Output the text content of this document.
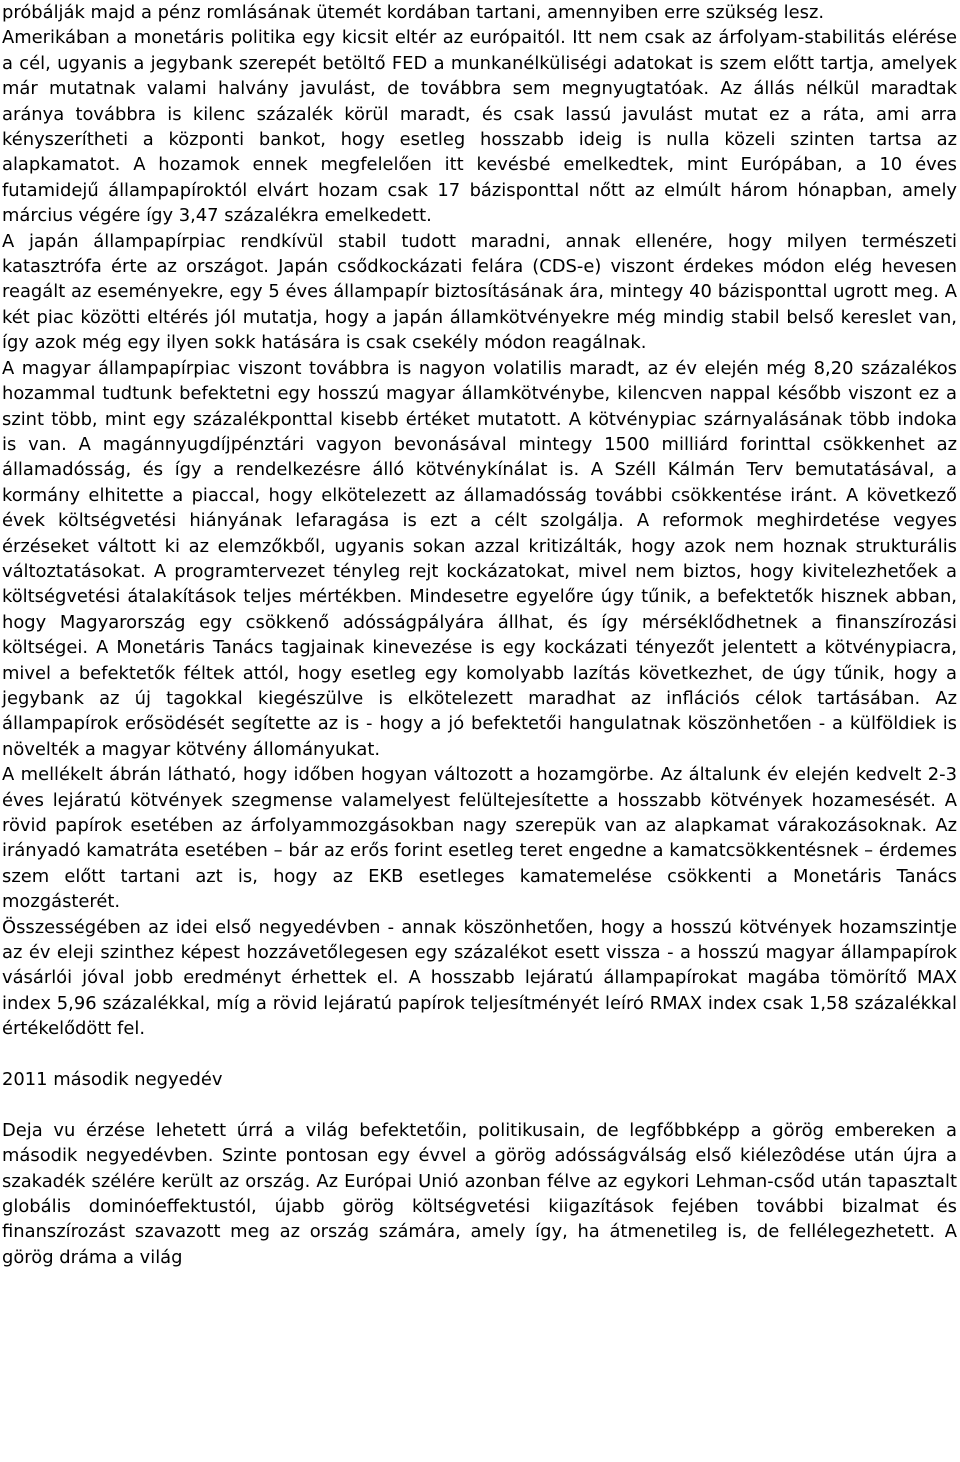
próbálják majd a pénz romlásának ütemét kordában tartani, amennyiben erre szükség lesz.

Amerikában a monetáris politika egy kicsit eltér az európaitól. Itt nem csak az árfolyam-stabilitás elérése a cél, ugyanis a jegybank szerepét betöltő FED a munkanélküliségi adatokat is szem előtt tartja, amelyek már mutatnak valami halvány javulást, de továbbra sem megnyugtatóak. Az állás nélkül maradtak aránya továbbra is kilenc százalék körül maradt, és csak lassú javulást mutat ez a ráta, ami arra kényszerítheti a központi bankot, hogy esetleg hosszabb ideig is nulla közeli szinten tartsa az alapkamatot. A hozamok ennek megfelelően itt kevésbé emelkedtek, mint Európában, a 10 éves futamidejű állampapíroktól elvárt hozam csak 17 bázisponttal nőtt az elmúlt három hónapban, amely március végére így 3,47 százalékra emelkedett.

A japán állampapírpiac rendkívül stabil tudott maradni, annak ellenére, hogy milyen természeti katasztrófa érte az országot. Japán csődkockázati felára (CDS-e) viszont érdekes módon elég hevesen reagált az eseményekre, egy 5 éves állampapír biztosításának ára, mintegy 40 bázisponttal ugrott meg. A két piac közötti eltérés jól mutatja, hogy a japán államkötvényekre még mindig stabil belső kereslet van, így azok még egy ilyen sokk hatására is csak csekély módon reagálnak.

A magyar állampapírpiac viszont továbbra is nagyon volatilis maradt, az év elején még 8,20 százalékos hozammal tudtunk befektetni egy hosszú magyar államkötvénybe, kilencven nappal később viszont ez a szint több, mint egy százalékponttal kisebb értéket mutatott. A kötvénypiac szárnyalásának több indoka is van. A magánnyugdíjpénztári vagyon bevonásával mintegy 1500 milliárd forinttal csökkenhet az államadósság, és így a rendelkezésre álló kötvénykínálat is. A Széll Kálmán Terv bemutatásával, a kormány elhitette a piaccal, hogy elkötelezett az államadósság további csökkentése iránt. A következő évek költségvetési hiányának lefaragása is ezt a célt szolgálja. A reformok meghirdetése vegyes érzéseket váltott ki az elemzőkből, ugyanis sokan azzal kritizálták, hogy azok nem hoznak strukturális változtatásokat. A programtervezet tényleg rejt kockázatokat, mivel nem biztos, hogy kivitelezhetőek a költségvetési átalakítások teljes mértékben. Mindesetre egyelőre úgy tűnik, a befektetők hisznek abban, hogy Magyarország egy csökkenő adósságpályára állhat, és így mérséklődhetnek a finanszírozási költségei. A Monetáris Tanács tagjainak kinevezése is egy kockázati tényezőt jelentett a kötvénypiacra, mivel a befektetők féltek attól, hogy esetleg egy komolyabb lazítás következhet, de úgy tűnik, hogy a jegybank az új tagokkal kiegészülve is elkötelezett maradhat az inflációs célok tartásában. Az állampapírok erősödését segítette az is - hogy a jó befektetői hangulatnak köszönhetően - a külföldiek is növelték a magyar kötvény állományukat.

A mellékelt ábrán látható, hogy időben hogyan változott a hozamgörbe. Az általunk év elején kedvelt 2-3 éves lejáratú kötvények szegmense valamelyest felültejesítette a hosszabb kötvények hozamesését. A rövid papírok esetében az árfolyammozgásokban nagy szerepük van az alapkamat várakozásoknak. Az irányadó kamatráta esetében – bár az erős forint esetleg teret engedne a kamatcsökkentésnek – érdemes szem előtt tartani azt is, hogy az EKB esetleges kamatemelése csökkenti a Monetáris Tanács mozgásterét.

Összességében az idei első negyedévben - annak köszönhetően, hogy a hosszú kötvények hozamszintje az év eleji szinthez képest hozzávetőlegesen egy százalékot esett vissza - a hosszú magyar állampapírok vásárlói jóval jobb eredményt érhettek el. A hosszabb lejáratú állampapírokat magába tömörítő MAX index 5,96 százalékkal, míg a rövid lejáratú papírok teljesítményét leíró RMAX index csak 1,58 százalékkal értékelődött fel.

2011 második negyedév

Deja vu érzése lehetett úrrá a világ befektetőin, politikusain, de legfőbbképp a görög embereken a második negyedévben. Szinte pontosan egy évvel a görög adósságválság első kiélezôdése után újra a szakadék szélére került az ország. Az Európai Unió azonban félve az egykori Lehman-csőd után tapasztalt globális dominóeffektustól, újabb görög költségvetési kiigazítások fejében további bizalmat és finanszírozást szavazott meg az ország számára, amely így, ha átmenetileg is, de fellélegezhetett. A görög dráma a világ
